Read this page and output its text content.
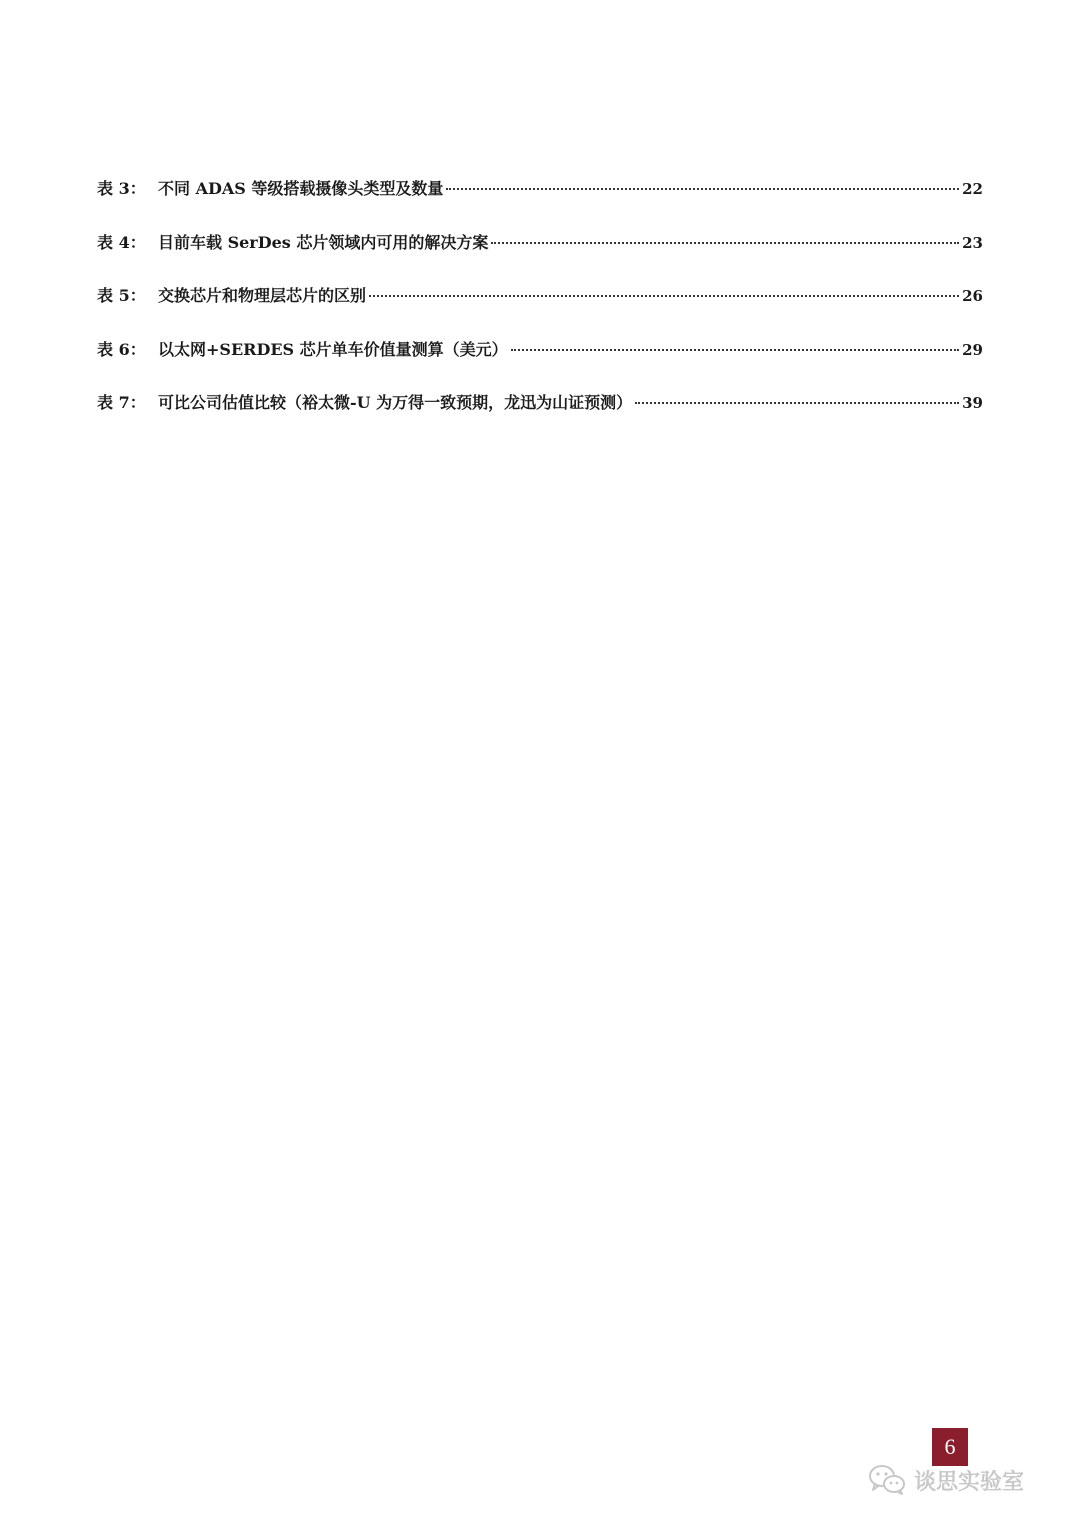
表 3： 不同 ADAS 等级搭载摄像头类型及数量	22
表 4： 目前车载 SerDes 芯片领域内可用的解决方案	23
表 5： 交换芯片和物理层芯片的区别	26
表 6： 以太网+SERDES 芯片单车价值量测算（美元）	29
表 7： 可比公司估值比较（裕太微-U 为万得一致预期，龙迅为山证预测）	39
6
谈思实验室
